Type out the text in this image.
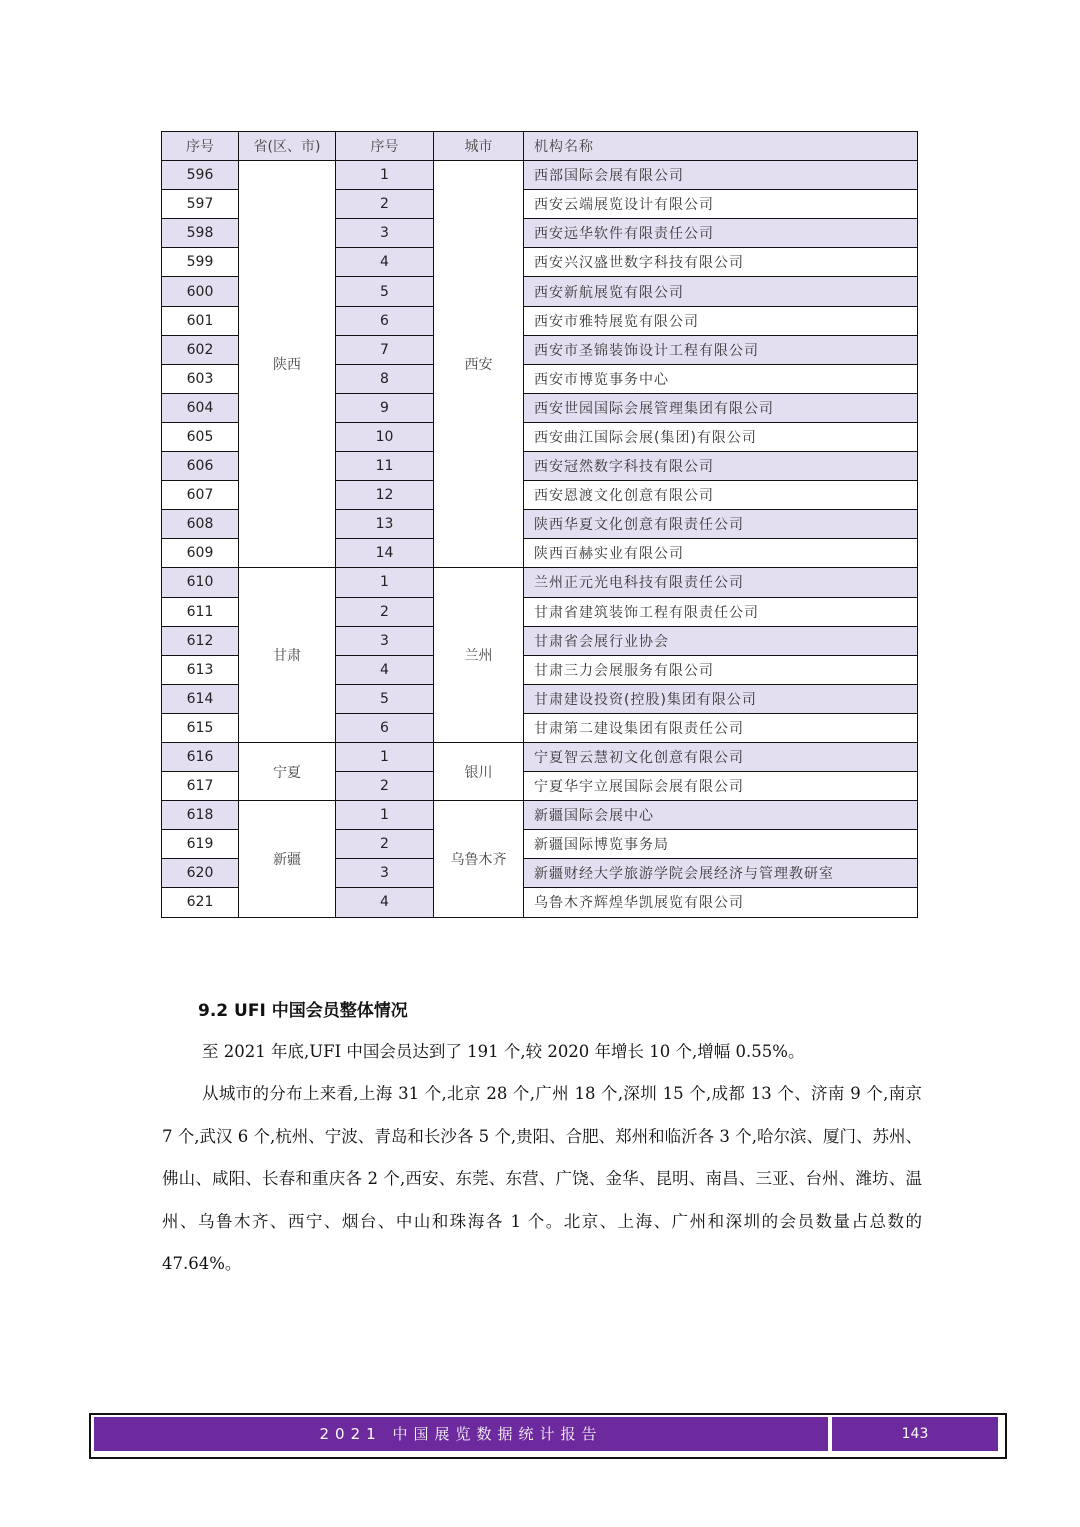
序号	省(区、市)	序号	城市	机构名称
596	陕西	1	西安	西部国际会展有限公司
597		2		西安云端展览设计有限公司
598		3		西安远华软件有限责任公司
599		4		西安兴汉盛世数字科技有限公司
600		5		西安新航展览有限公司
601		6		西安市雅特展览有限公司
602		7		西安市圣锦装饰设计工程有限公司
603		8		西安市博览事务中心
604		9		西安世园国际会展管理集团有限公司
605		10		西安曲江国际会展(集团)有限公司
606		11		西安冠然数字科技有限公司
607		12		西安恩渡文化创意有限公司
608		13		陕西华夏文化创意有限责任公司
609		14		陕西百赫实业有限公司
610	甘肃	1	兰州	兰州正元光电科技有限责任公司
611		2		甘肃省建筑装饰工程有限责任公司
612		3		甘肃省会展行业协会
613		4		甘肃三力会展服务有限公司
614		5		甘肃建设投资(控股)集团有限公司
615		6		甘肃第二建设集团有限责任公司
616	宁夏	1	银川	宁夏智云慧初文化创意有限公司
617		2		宁夏华宇立展国际会展有限公司
618	新疆	1	乌鲁木齐	新疆国际会展中心
619		2		新疆国际博览事务局
620		3		新疆财经大学旅游学院会展经济与管理教研室
621		4		乌鲁木齐辉煌华凯展览有限公司
9.2 UFI 中国会员整体情况
至 2021 年底,UFI 中国会员达到了 191 个,较 2020 年增长 10 个,增幅 0.55%。
从城市的分布上来看,上海 31 个,北京 28 个,广州 18 个,深圳 15 个,成都 13 个、济南 9 个,南京 7 个,武汉 6 个,杭州、宁波、青岛和长沙各 5 个,贵阳、合肥、郑州和临沂各 3 个,哈尔滨、厦门、苏州、佛山、咸阳、长春和重庆各 2 个,西安、东莞、东营、广饶、金华、昆明、南昌、三亚、台州、潍坊、温州、乌鲁木齐、西宁、烟台、中山和珠海各 1 个。北京、上海、广州和深圳的会员数量占总数的 47.64%。
2021 中国展览数据统计报告	143
